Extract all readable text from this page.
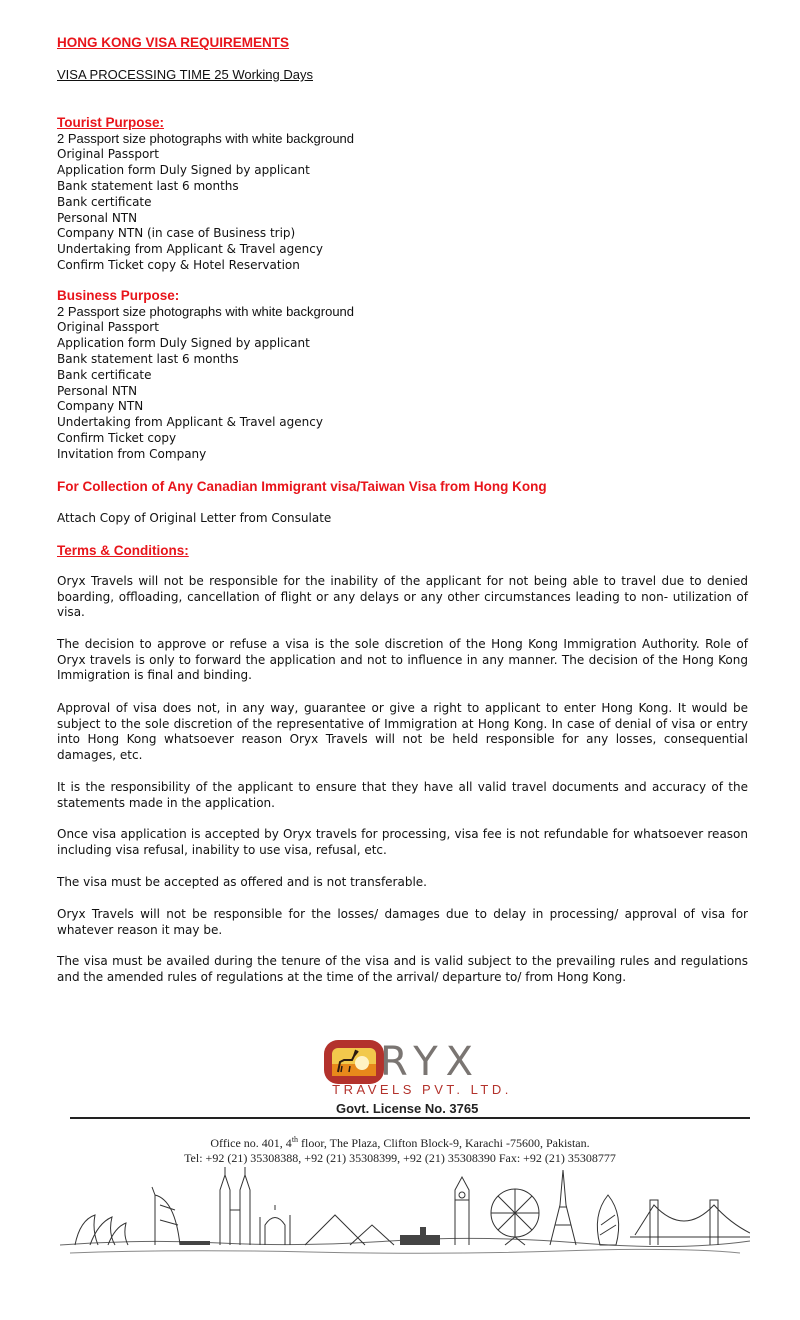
HONG KONG VISA REQUIREMENTS
VISA PROCESSING TIME 25 Working Days
Tourist Purpose:
2 Passport size photographs with white background
Original Passport
Application form Duly Signed by applicant
Bank statement last 6 months
Bank certificate
Personal NTN
Company NTN (in case of Business trip)
Undertaking from Applicant & Travel agency
Confirm Ticket copy & Hotel Reservation
Business Purpose:
2 Passport size photographs with white background
Original Passport
Application form Duly Signed by applicant
Bank statement last 6 months
Bank certificate
Personal NTN
Company NTN
Undertaking from Applicant & Travel agency
Confirm Ticket copy
Invitation from Company
For Collection of Any Canadian Immigrant visa/Taiwan Visa from Hong Kong
Attach Copy of Original Letter from Consulate
Terms & Conditions:
Oryx Travels will not be responsible for the inability of the applicant for not being able to travel due to denied boarding, offloading, cancellation of flight or any delays or any other circumstances leading to non- utilization of visa.
The decision to approve or refuse a visa is the sole discretion of the Hong Kong Immigration Authority. Role of Oryx travels is only to forward the application and not to influence in any manner. The decision of the Hong Kong Immigration is final and binding.
Approval of visa does not, in any way, guarantee or give a right to applicant to enter Hong Kong. It would be subject to the sole discretion of the representative of Immigration at Hong Kong. In case of denial of visa or entry into Hong Kong whatsoever reason Oryx Travels will not be held responsible for any losses, consequential damages, etc.
It is the responsibility of the applicant to ensure that they have all valid travel documents and accuracy of the statements made in the application.
Once visa application is accepted by Oryx travels for processing, visa fee is not refundable for whatsoever reason including visa refusal, inability to use visa, refusal, etc.
The visa must be accepted as offered and is not transferable.
Oryx Travels will not be responsible for the losses/ damages due to delay in processing/ approval of visa for whatever reason it may be.
The visa must be availed during the tenure of the visa and is valid subject to the prevailing rules and regulations and the amended rules of regulations at the time of the arrival/ departure to/ from Hong Kong.
RYX
TRAVELS PVT. LTD.
Govt. License No. 3765
Office no. 401, 4th floor, The Plaza, Clifton Block-9, Karachi -75600, Pakistan.
Tel: +92 (21) 35308388, +92 (21) 35308399, +92 (21) 35308390 Fax: +92 (21) 35308777
